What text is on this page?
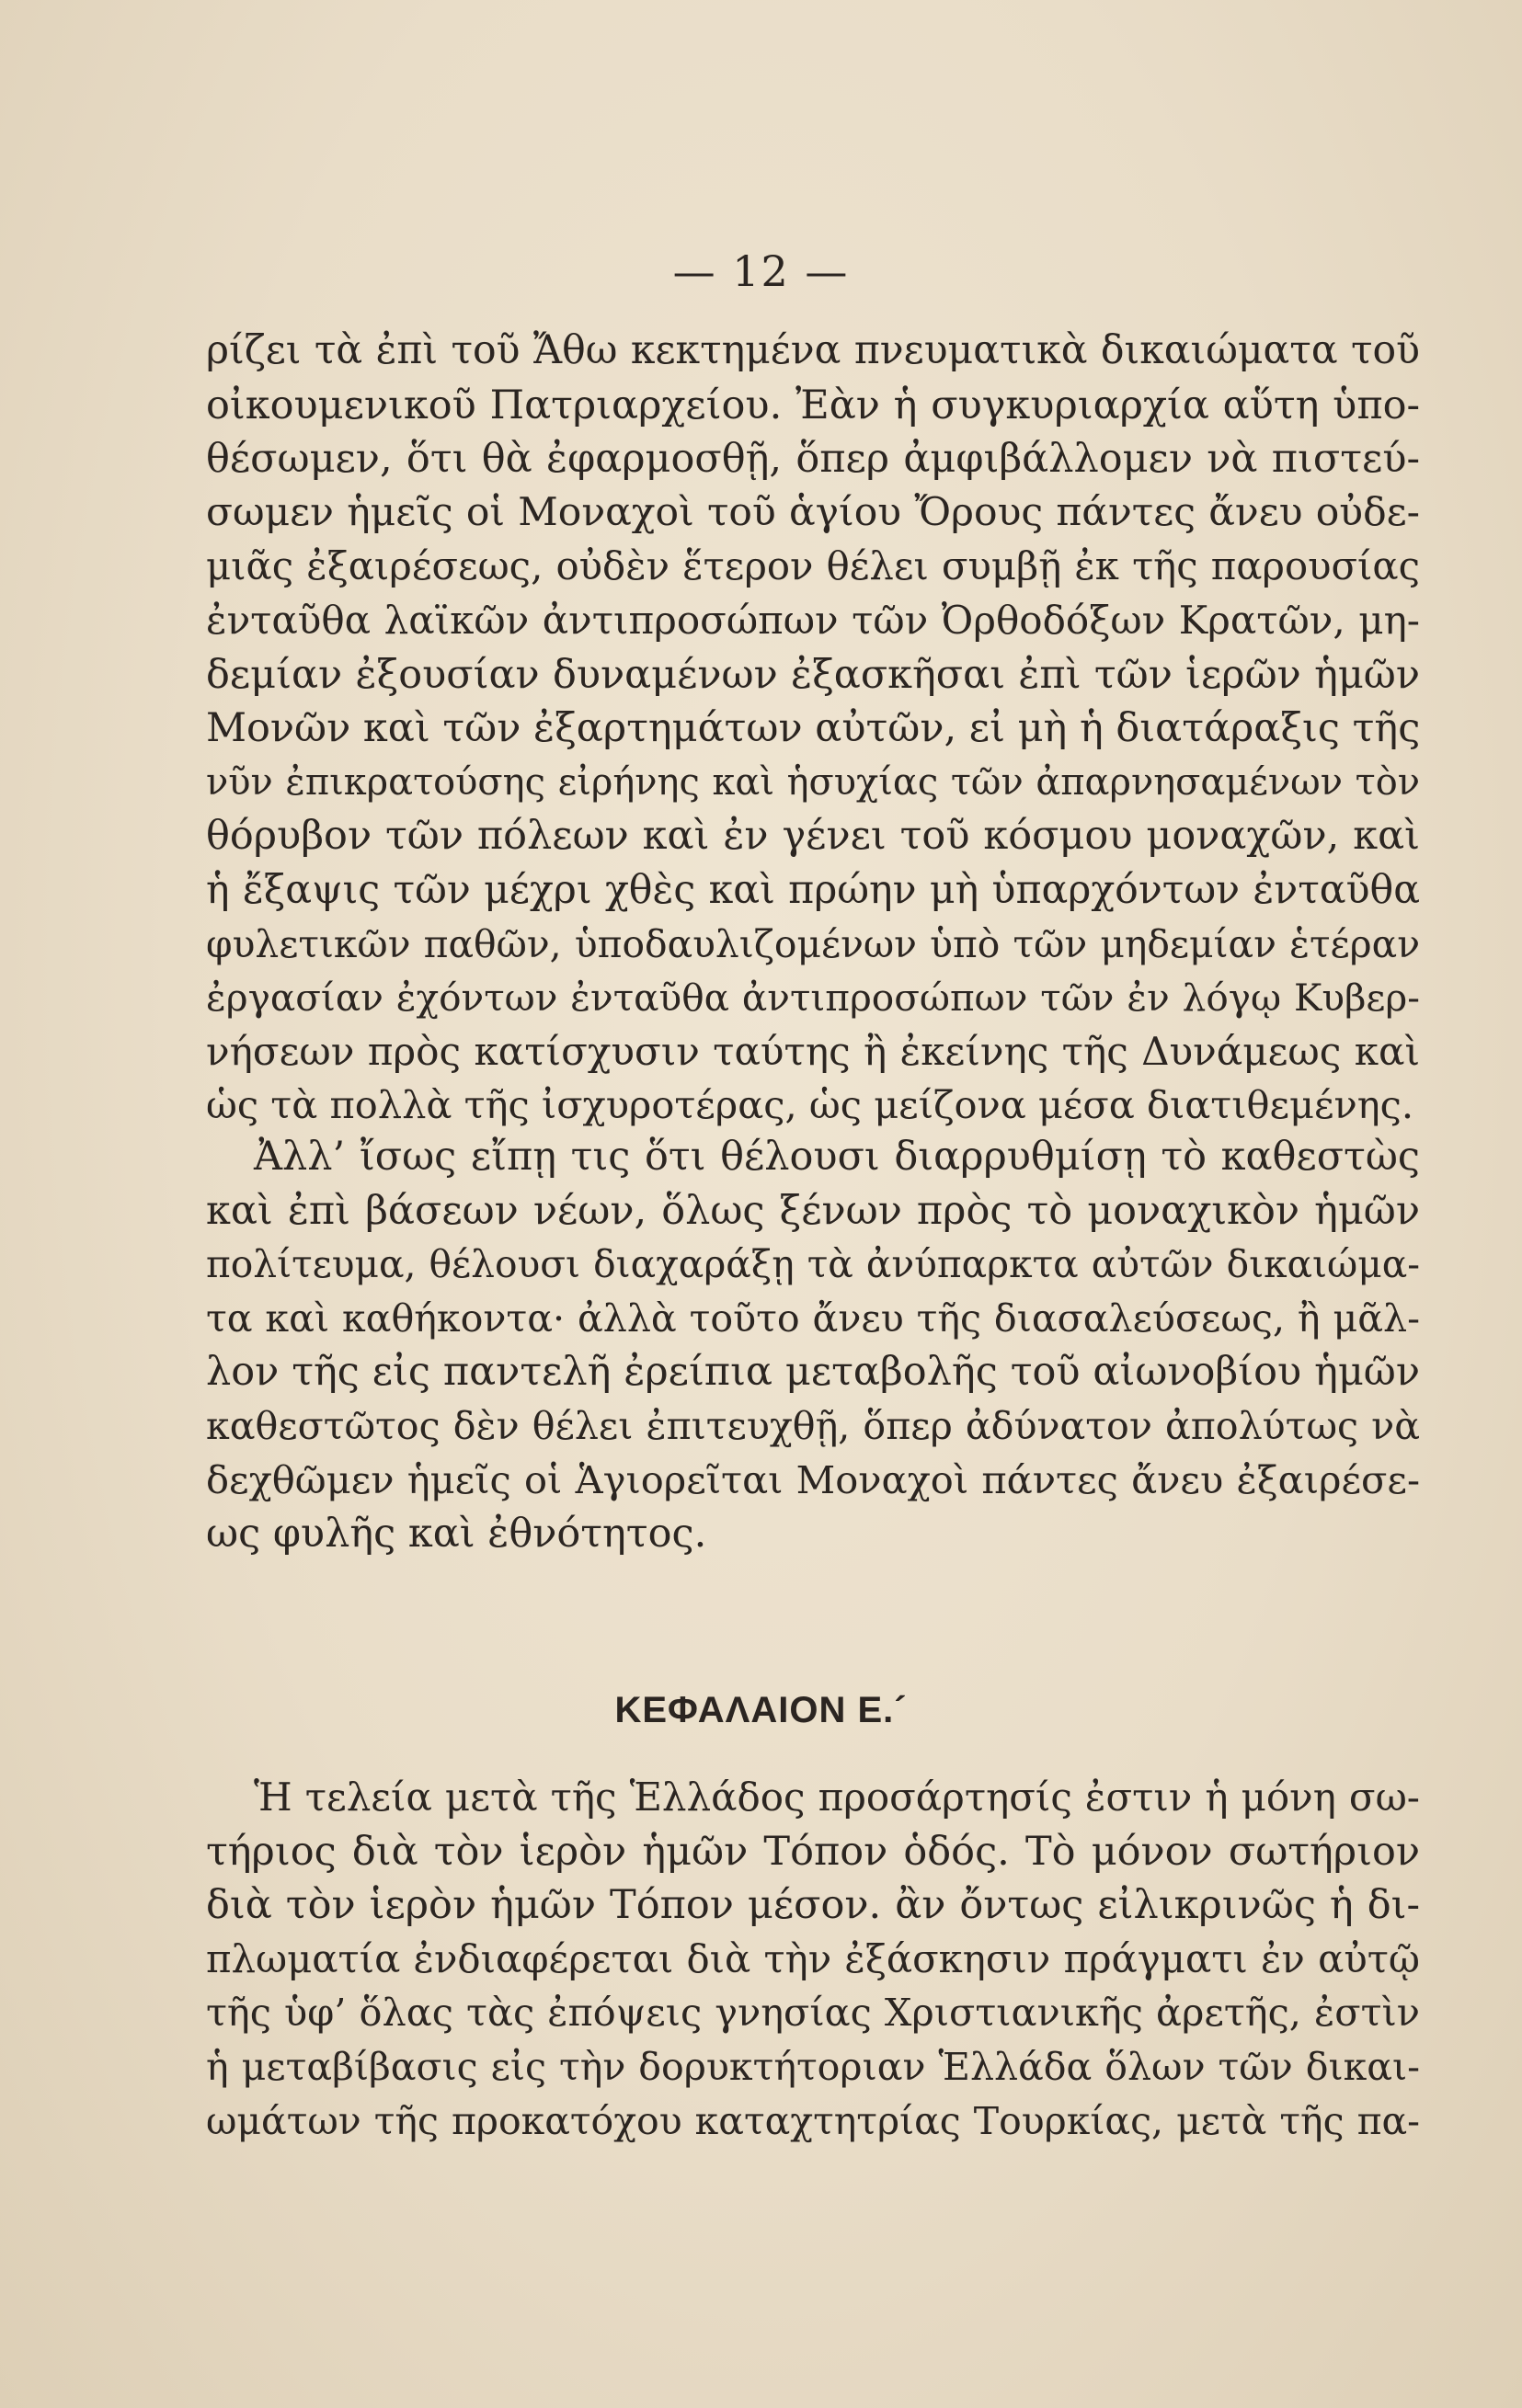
— 12 —
ρίζει τὰ ἐπὶ τοῦ Ἄθω κεκτημένα πνευματικὰ δικαιώματα τοῦ
οἰκουμενικοῦ Πατριαρχείου. Ἐὰν ἡ συγκυριαρχία αὕτη ὑπο-
θέσωμεν, ὅτι θὰ ἐφαρμοσθῇ, ὅπερ ἀμφιβάλλομεν νὰ πιστεύ-
σωμεν ἡμεῖς οἱ Μοναχοὶ τοῦ ἁγίου Ὄρους πάντες ἄνευ οὐδε-
μιᾶς ἐξαιρέσεως, οὐδὲν ἕτερον θέλει συμβῇ ἐκ τῆς παρουσίας
ἐνταῦθα λαϊκῶν ἀντιπροσώπων τῶν Ὀρθοδόξων Κρατῶν, μη-
δεμίαν ἐξουσίαν δυναμένων ἐξασκῆσαι ἐπὶ τῶν ἱερῶν ἡμῶν
Μονῶν καὶ τῶν ἐξαρτημάτων αὐτῶν, εἰ μὴ ἡ διατάραξις τῆς
νῦν ἐπικρατούσης εἰρήνης καὶ ἡσυχίας τῶν ἀπαρνησαμένων τὸν
θόρυβον τῶν πόλεων καὶ ἐν γένει τοῦ κόσμου μοναχῶν, καὶ
ἡ ἔξαψις τῶν μέχρι χθὲς καὶ πρώην μὴ ὑπαρχόντων ἐνταῦθα
φυλετικῶν παθῶν, ὑποδαυλιζομένων ὑπὸ τῶν μηδεμίαν ἑτέραν
ἐργασίαν ἐχόντων ἐνταῦθα ἀντιπροσώπων τῶν ἐν λόγῳ Κυβερ-
νήσεων πρὸς κατίσχυσιν ταύτης ἢ ἐκείνης τῆς Δυνάμεως καὶ
ὡς τὰ πολλὰ τῆς ἰσχυροτέρας, ὡς μείζονα μέσα διατιθεμένης.
Ἀλλ’ ἴσως εἴπῃ τις ὅτι θέλουσι διαρρυθμίσῃ τὸ καθεστὼς
καὶ ἐπὶ βάσεων νέων, ὅλως ξένων πρὸς τὸ μοναχικὸν ἡμῶν
πολίτευμα, θέλουσι διαχαράξῃ τὰ ἀνύπαρκτα αὐτῶν δικαιώμα-
τα καὶ καθήκοντα· ἀλλὰ τοῦτο ἄνευ τῆς διασαλεύσεως, ἢ μᾶλ-
λον τῆς εἰς παντελῆ ἐρείπια μεταβολῆς τοῦ αἰωνοβίου ἡμῶν
καθεστῶτος δὲν θέλει ἐπιτευχθῇ, ὅπερ ἀδύνατον ἀπολύτως νὰ
δεχθῶμεν ἡμεῖς οἱ Ἁγιορεῖται Μοναχοὶ πάντες ἄνευ ἐξαιρέσε-
ως φυλῆς καὶ ἐθνότητος.
ΚΕΦΑΛΑΙΟΝ Ε.´
Ἡ τελεία μετὰ τῆς Ἑλλάδος προσάρτησίς ἐστιν ἡ μόνη σω-
τήριος διὰ τὸν ἱερὸν ἡμῶν Τόπον ὁδός. Τὸ μόνον σωτήριον
διὰ τὸν ἱερὸν ἡμῶν Τόπον μέσον. ἂν ὄντως εἰλικρινῶς ἡ δι-
πλωματία ἐνδιαφέρεται διὰ τὴν ἐξάσκησιν πράγματι ἐν αὐτῷ
τῆς ὑφ’ ὅλας τὰς ἐπόψεις γνησίας Χριστιανικῆς ἀρετῆς, ἐστὶν
ἡ μεταβίβασις εἰς τὴν δορυκτήτοριαν Ἑλλάδα ὅλων τῶν δικαι-
ωμάτων τῆς προκατόχου καταχτητρίας Τουρκίας, μετὰ τῆς πα-
